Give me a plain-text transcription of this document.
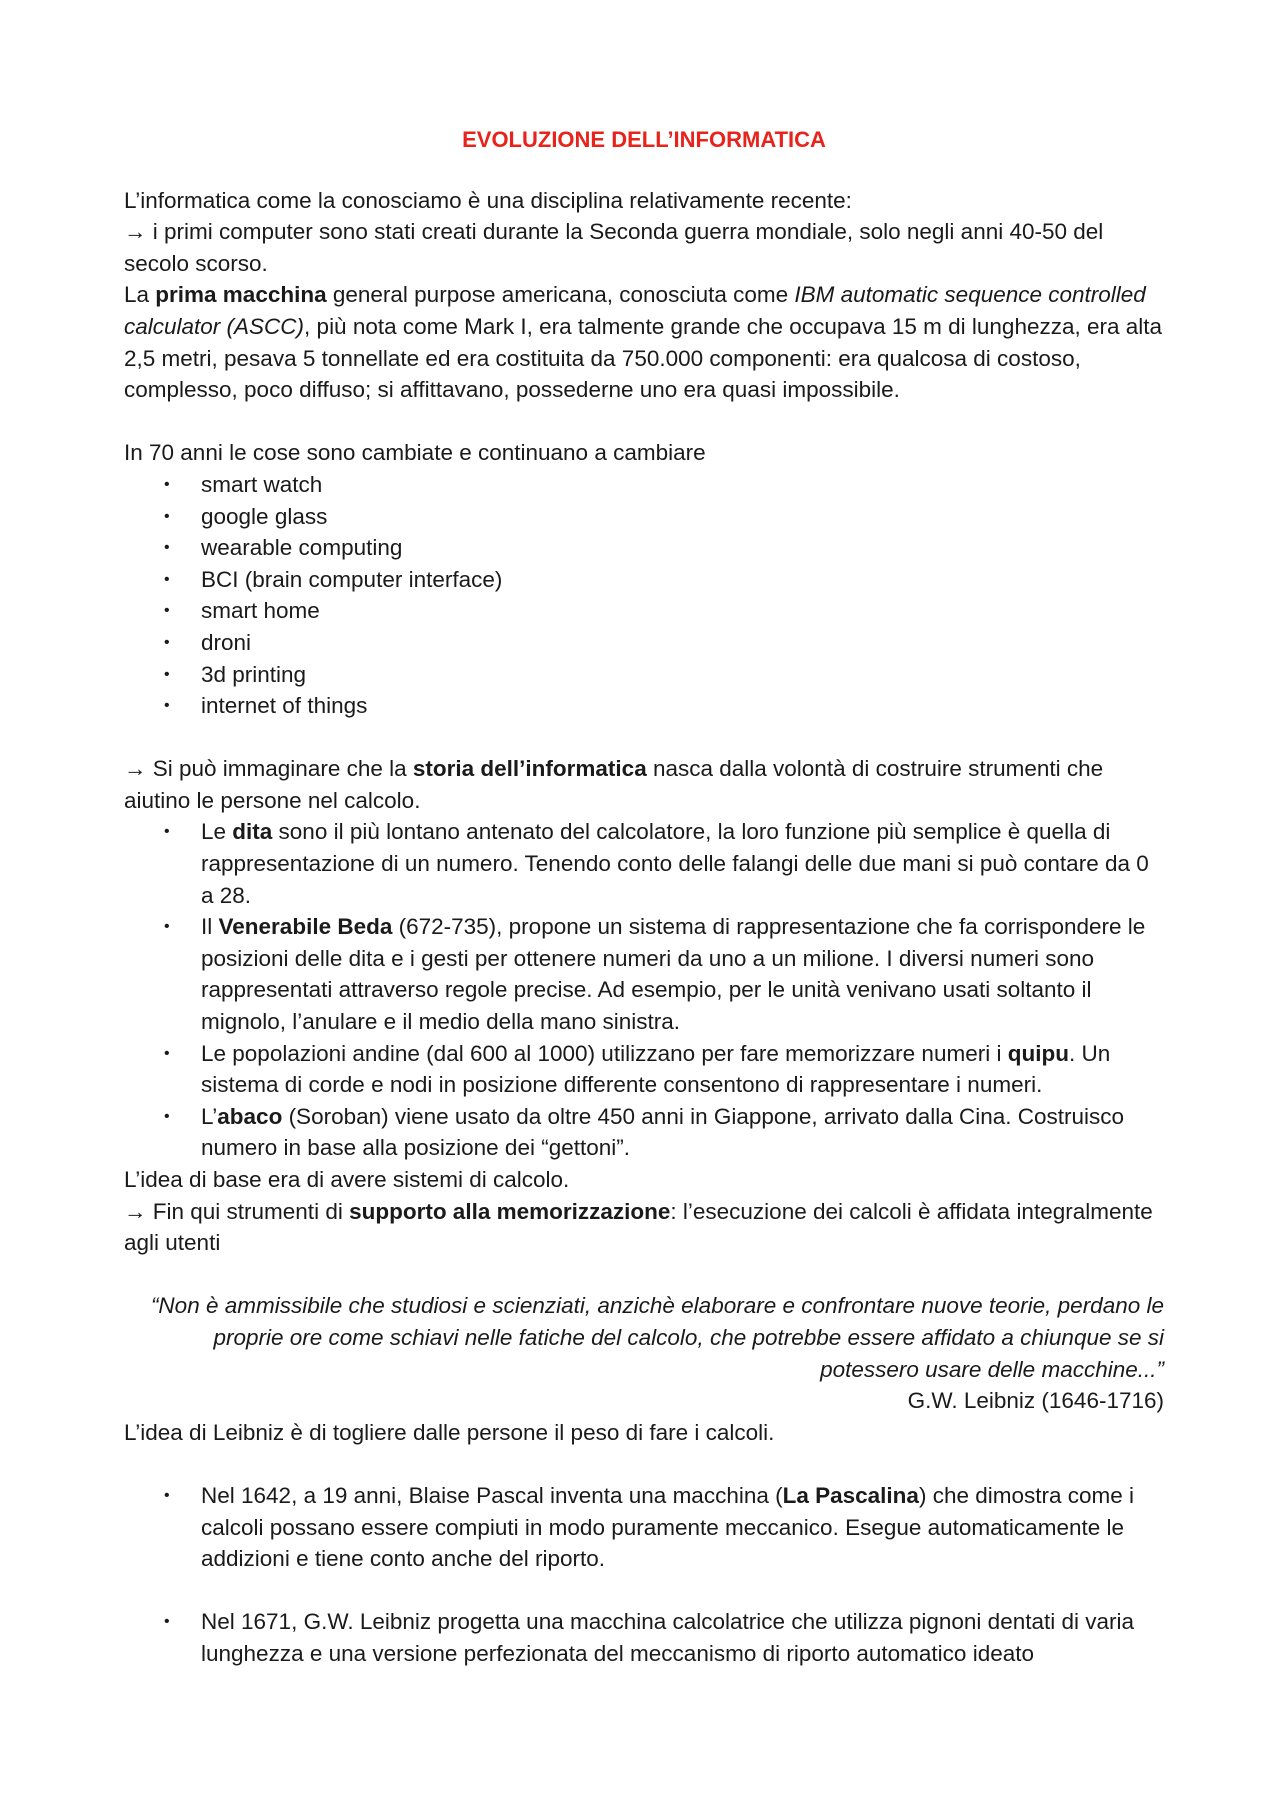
EVOLUZIONE DELL’INFORMATICA

L’informatica come la conosciamo è una disciplina relativamente recente:

→ i primi computer sono stati creati durante la Seconda guerra mondiale, solo negli anni 40-50 del secolo scorso.

La prima macchina general purpose americana, conosciuta come IBM automatic sequence controlled calculator (ASCC), più nota come Mark I, era talmente grande che occupava 15 m di lunghezza, era alta 2,5 metri, pesava 5 tonnellate ed era costituita da 750.000 componenti: era qualcosa di costoso, complesso, poco diffuso; si affittavano, possederne uno era quasi impossibile.

In 70 anni le cose sono cambiate e continuano a cambiare

• smart watch
• google glass
• wearable computing
• BCI (brain computer interface)
• smart home
• droni
• 3d printing
• internet of things

→ Si può immaginare che la storia dell’informatica nasca dalla volontà di costruire strumenti che aiutino le persone nel calcolo.

• Le dita sono il più lontano antenato del calcolatore, la loro funzione più semplice è quella di rappresentazione di un numero. Tenendo conto delle falangi delle due mani si può contare da 0 a 28.
• Il Venerabile Beda (672-735), propone un sistema di rappresentazione che fa corrispondere le posizioni delle dita e i gesti per ottenere numeri da uno a un milione. I diversi numeri sono rappresentati attraverso regole precise. Ad esempio, per le unità venivano usati soltanto il mignolo, l’anulare e il medio della mano sinistra.
• Le popolazioni andine (dal 600 al 1000) utilizzano per fare memorizzare numeri i quipu. Un sistema di corde e nodi in posizione differente consentono di rappresentare i numeri.
• L’abaco (Soroban) viene usato da oltre 450 anni in Giappone, arrivato dalla Cina. Costruisco numero in base alla posizione dei “gettoni”.

L’idea di base era di avere sistemi di calcolo.

→ Fin qui strumenti di supporto alla memorizzazione: l’esecuzione dei calcoli è affidata integralmente agli utenti

“Non è ammissibile che studiosi e scienziati, anzichè elaborare e confrontare nuove teorie, perdano le proprie ore come schiavi nelle fatiche del calcolo, che potrebbe essere affidato a chiunque se si potessero usare delle macchine...”

G.W. Leibniz (1646-1716)

L’idea di Leibniz è di togliere dalle persone il peso di fare i calcoli.

• Nel 1642, a 19 anni, Blaise Pascal inventa una macchina (La Pascalina) che dimostra come i calcoli possano essere compiuti in modo puramente meccanico. Esegue automaticamente le addizioni e tiene conto anche del riporto.
• Nel 1671, G.W. Leibniz progetta una macchina calcolatrice che utilizza pignoni dentati di varia lunghezza e una versione perfezionata del meccanismo di riporto automatico ideato
